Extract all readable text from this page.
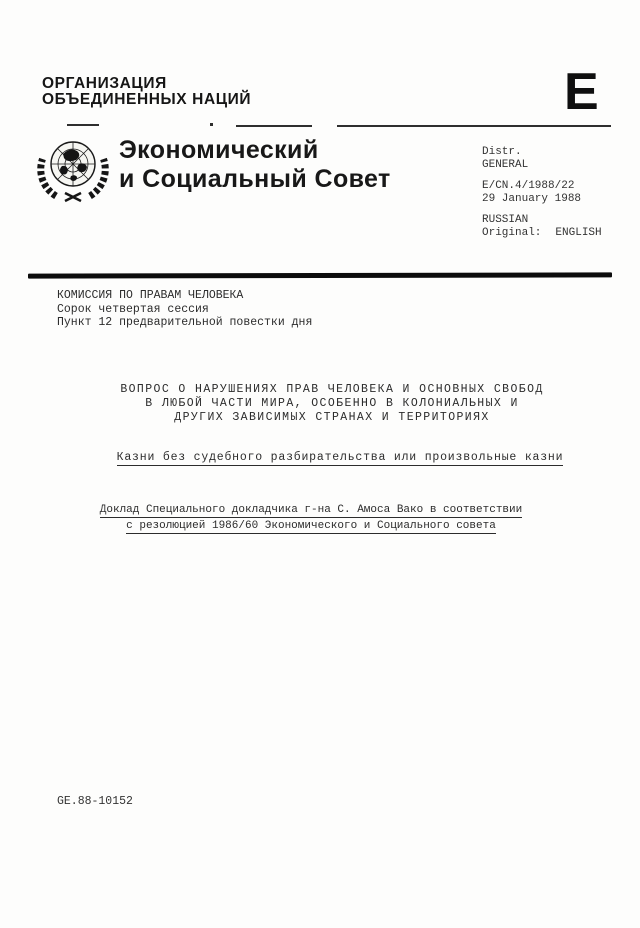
ОРГАНИЗАЦИЯ
ОБЪЕДИНЕННЫХ НАЦИЙ	E
Экономический
и Социальный Совет
Distr.
GENERAL
E/CN.4/1988/22
29 January 1988
RUSSIAN
Original: ENGLISH
КОМИССИЯ ПО ПРАВАМ ЧЕЛОВЕКА
Сорок четвертая сессия
Пункт 12 предварительной повестки дня
ВОПРОС О НАРУШЕНИЯХ ПРАВ ЧЕЛОВЕКА И ОСНОВНЫХ СВОБОД
В ЛЮБОЙ ЧАСТИ МИРА, ОСОБЕННО В КОЛОНИАЛЬНЫХ И
ДРУГИХ ЗАВИСИМЫХ СТРАНАХ И ТЕРРИТОРИЯХ
Казни без судебного разбирательства или произвольные казни
Доклад Специального докладчика г-на С. Амоса Вако в соответствии
с резолюцией 1986/60 Экономического и Социального совета
GE.88-10152
